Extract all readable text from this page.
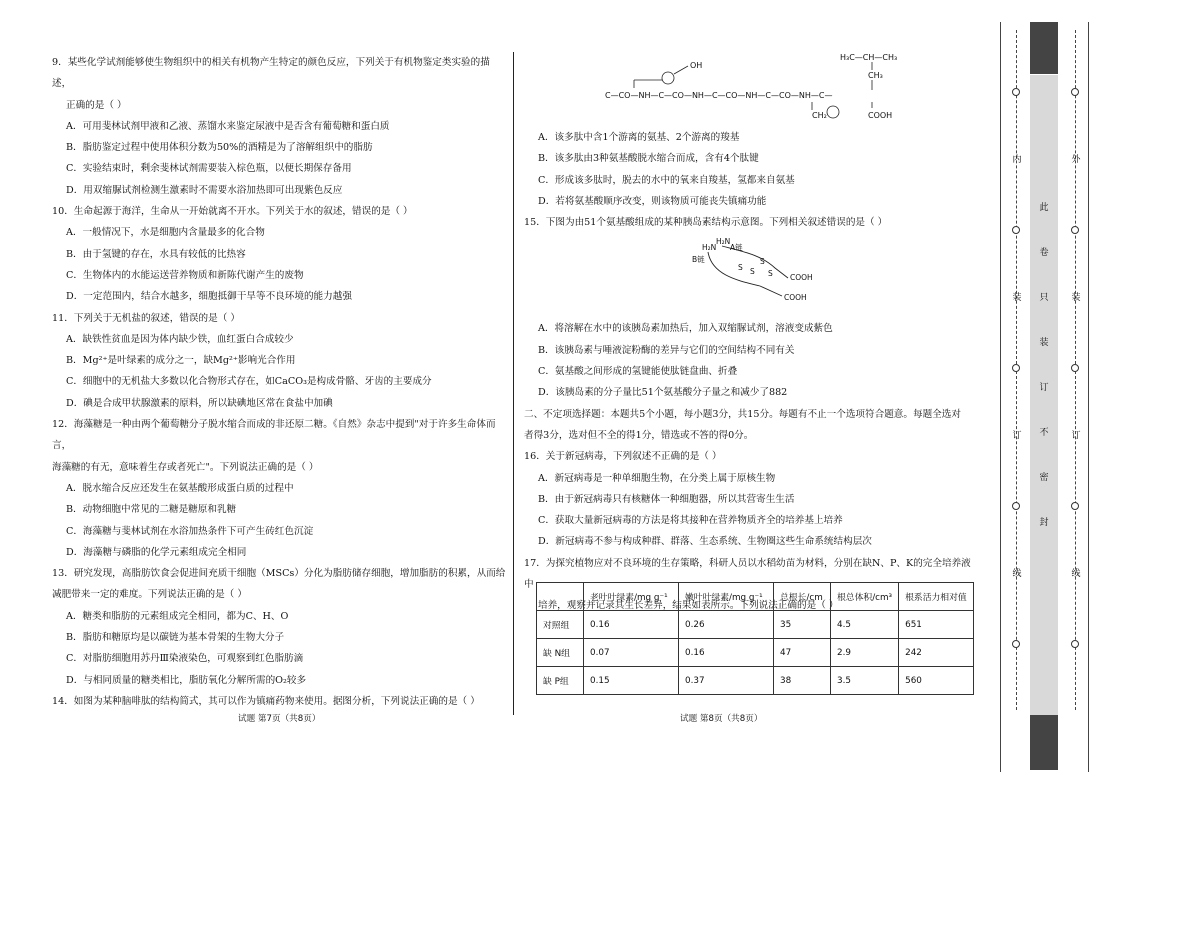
9．某些化学试剂能够使生物组织中的相关有机物产生特定的颜色反应，下列关于有机物鉴定类实验的描述，
正确的是（ ）
A．可用斐林试剂甲液和乙液、蒸馏水来鉴定尿液中是否含有葡萄糖和蛋白质
B．脂肪鉴定过程中使用体积分数为50%的酒精是为了溶解组织中的脂肪
C．实验结束时，剩余斐林试剂需要装入棕色瓶，以便长期保存备用
D．用双缩脲试剂检测生激素时不需要水浴加热即可出现紫色反应
10．生命起源于海洋，生命从一开始就离不开水。下列关于水的叙述，错误的是（ ）
A．一般情况下，水是细胞内含量最多的化合物
B．由于氢键的存在，水具有较低的比热容
C．生物体内的水能运送营养物质和新陈代谢产生的废物
D．一定范围内，结合水越多，细胞抵御干旱等不良环境的能力越强
11．下列关于无机盐的叙述，错误的是（ ）
A．缺铁性贫血是因为体内缺少铁，血红蛋白合成较少
B．Mg²⁺是叶绿素的成分之一，缺Mg²⁺影响光合作用
C．细胞中的无机盐大多数以化合物形式存在，如CaCO₃是构成骨骼、牙齿的主要成分
D．碘是合成甲状腺激素的原料，所以缺碘地区常在食盐中加碘
12．海藻糖是一种由两个葡萄糖分子脱水缩合而成的非还原二糖。《自然》杂志中提到"对于许多生命体而言，
海藻糖的有无，意味着生存或者死亡"。下列说法正确的是（ ）
A．脱水缩合反应还发生在氨基酸形成蛋白质的过程中
B．动物细胞中常见的二糖是糖原和乳糖
C．海藻糖与斐林试剂在水浴加热条件下可产生砖红色沉淀
D．海藻糖与磷脂的化学元素组成完全相同
13．研究发现，高脂肪饮食会促进间充质干细胞（MSCs）分化为脂肪储存细胞，增加脂肪的积累，从而给
减肥带来一定的难度。下列说法正确的是（ ）
A．糖类和脂肪的元素组成完全相同，都为C、H、O
B．脂肪和糖原均是以碳链为基本骨架的生物大分子
C．对脂肪细胞用苏丹Ⅲ染液染色，可观察到红色脂肪滴
D．与相同质量的糖类相比，脂肪氧化分解所需的O₂较多
14．如图为某种脑啡肽的结构简式，其可以作为镇痛药物来使用。据图分析，下列说法正确的是（ ）
C—CO—NH—C—CO—NH—C—CO—NH—C—CO—NH—C—
OH
H₃C—CH—CH₃
CH₃
CH₂	COOH
A．该多肽中含1个游离的氨基、2个游离的羧基
B．该多肽由3种氨基酸脱水缩合而成，含有4个肽键
C．形成该多肽时，脱去的水中的氧来自羧基，氢都来自氨基
D．若将氨基酸顺序改变，则该物质可能丧失镇痛功能
15．下图为由51个氨基酸组成的某种胰岛素结构示意图。下列相关叙述错误的是（ ）
A．将溶解在水中的该胰岛素加热后，加入双缩脲试剂，溶液变成紫色
B．该胰岛素与唾液淀粉酶的差异与它们的空间结构不同有关
C．氨基酸之间形成的氢键能使肽链盘曲、折叠
D．该胰岛素的分子量比51个氨基酸分子量之和减少了882
二、不定项选择题：本题共5个小题，每小题3分，共15分。每题有不止一个选项符合题意。每题全选对
者得3分，选对但不全的得1分，错选或不答的得0分。
16．关于新冠病毒，下列叙述不正确的是（ ）
A．新冠病毒是一种单细胞生物，在分类上属于原核生物
B．由于新冠病毒只有核糖体一种细胞器，所以其营寄生生活
C．获取大量新冠病毒的方法是将其接种在营养物质齐全的培养基上培养
D．新冠病毒不参与构成种群、群落、生态系统、生物圈这些生命系统结构层次
17．为探究植物应对不良环境的生存策略，科研人员以水稻幼苗为材料，分别在缺N、P、K的完全培养液中
培养，观察并记录其生长差异，结果如表所示。下列说法正确的是（ ）
H₂N
A链
H₂N
B链
COOH
COOH
S S
S
S
	老叶叶绿素/mg g⁻¹	嫩叶叶绿素/mg g⁻¹	总根长/cm	根总体积/cm³	根系活力相对值
对照组	0.16	0.26	35	4.5	651
缺 N组	0.07	0.16	47	2.9	242
缺 P组	0.15	0.37	38	3.5	560
试题 第7页（共8页）	试题 第8页（共8页）
内
装
订
线
外
装
订
线
此
卷
只
装
订
不
密
封
